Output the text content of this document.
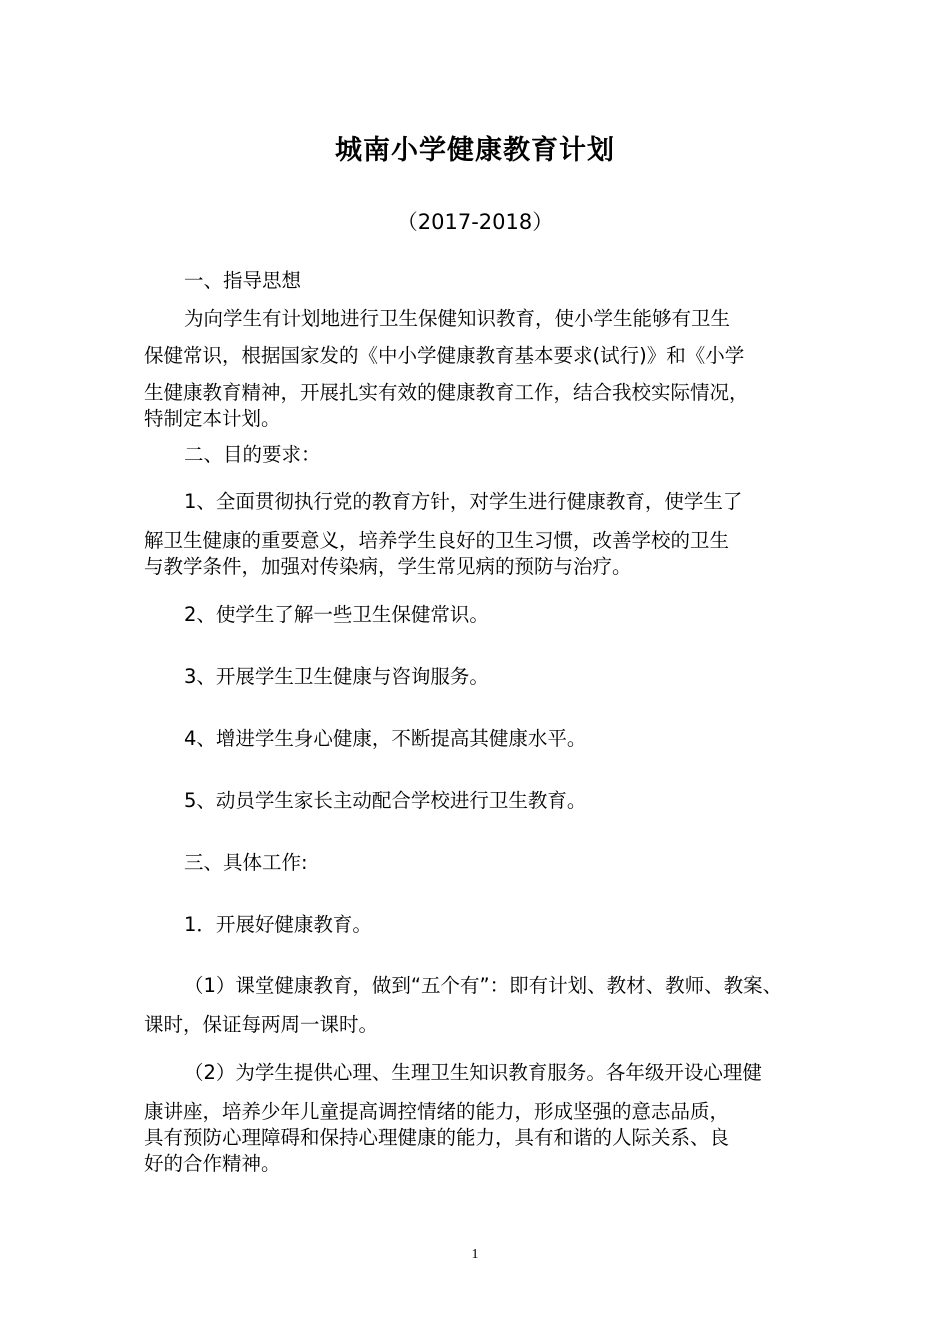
城南小学健康教育计划
（2017-2018）
一、指导思想
为向学生有计划地进行卫生保健知识教育，使小学生能够有卫生
保健常识，根据国家发的《中小学健康教育基本要求(试行)》和《小学
生健康教育精神，开展扎实有效的健康教育工作，结合我校实际情况，
特制定本计划。
二、目的要求：
1、全面贯彻执行党的教育方针，对学生进行健康教育，使学生了
解卫生健康的重要意义，培养学生良好的卫生习惯，改善学校的卫生
与教学条件，加强对传染病，学生常见病的预防与治疗。
2、使学生了解一些卫生保健常识。
3、开展学生卫生健康与咨询服务。
4、增进学生身心健康，不断提高其健康水平。
5、动员学生家长主动配合学校进行卫生教育。
三、具体工作:
1．开展好健康教育。
（1）课堂健康教育，做到“五个有”：即有计划、教材、教师、教案、
课时，保证每两周一课时。
（2）为学生提供心理、生理卫生知识教育服务。各年级开设心理健
康讲座，培养少年儿童提高调控情绪的能力，形成坚强的意志品质，
具有预防心理障碍和保持心理健康的能力，具有和谐的人际关系、良
好的合作精神。
1
